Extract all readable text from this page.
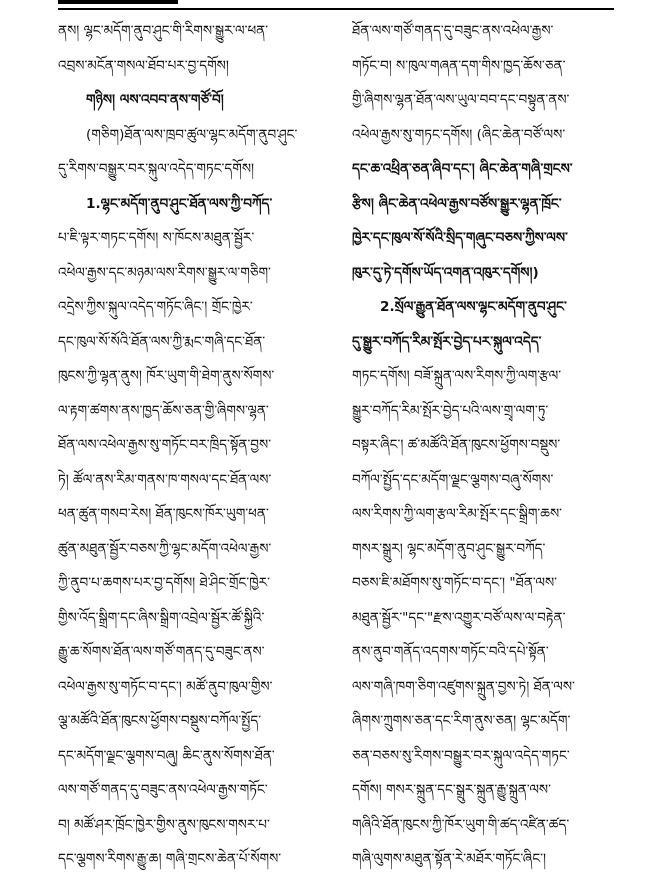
ནས། ལྷང་མདོག་ནུབ་ཤུང་གི་རིགས་སྒྱུར་ལ་ཕན་
འབྲས་མངོན་གསལ་ཐོབ་པར་བྱ་དགོས།
གཉིས། ལས་འབབ་ནས་གཙོ་བོ།
(གཅིག)ཐོན་ལས་ཁྲབ་ཚུལ་ལྷང་མདོག་ནུབ་ཤུང་
དུ་རིགས་བསྒྱུར་བར་སྐུལ་འདེད་གཏང་དགོས།
1.ལྷང་མདོག་ནུབ་ཤུང་ཐོན་ལས་ཀྱི་བཀོད་
པ་ཇི་ལྟར་གཏང་དགོས། ས་ཁོངས་མཐུན་སྦྱོར་
འཕེལ་རྒྱས་དང་མཉམ་ལས་རིགས་སྒྱུར་ལ་གཅིག་
འདྲེས་ཀྱིས་སྐུལ་འདེད་གཏོང་ཞིང་། གྲོང་ཁྱེར་
དང་ཁུལ་སོ་སོའི་ཐོན་ལས་ཀྱི་རྨང་གཞི་དང་ཐོན་
ཁུངས་ཀྱི་ལྷན་ནུས། ཁོར་ཡུག་གི་ཐེག་ནུས་སོགས་
ལ་རྟག་ཚགས་ནས་ཁྱད་ཆོས་ཅན་གྱི་ཞིགས་ལྷན་
ཐོན་ལས་འཕེལ་རྒྱས་སུ་གཏོང་བར་ཁྲིད་སྟོན་བྱས་
ཏེ། ཚོལ་ནས་རིམ་གནས་ཁ་གསལ་དང་ཐོན་ལས་
ཕན་ཚུན་གསབ་རེས། ཐོན་ཁུངས་ཁོར་ཡུག་ཕན་
ཚུན་མཐུན་སྦྱོར་བཅས་ཀྱི་ལྷང་མདོག་འཕེལ་རྒྱས་
ཀྱི་ནུབ་པ་ཆགས་པར་བྱ་དགོས། ཐེ་ཤིང་གྲོང་ཁྱེར་
གྱིས་འོད་སྒྲིག་དང་ཞིས་སྒྲིག་འབྲེལ་སྦྱོར་ཚོ་སྐྱིའི་
རྒྱུ་ཆ་སོགས་ཐོན་ལས་གཙོ་གནད་དུ་བཟུང་ནས་
འཕེལ་རྒྱས་སུ་གཏོང་བ་དང་། མཚོ་ནུབ་ཁུལ་གྱིས་
ལྕ་མཚོའི་ཐོན་ཁུངས་ཕྱོགས་བསྡུས་བཀོལ་སྤྱོད་
དང་མདོག་ལྗང་ལྕགས་བཞུ། ཆིང་ནུས་སོགས་ཐོན་
ལས་གཙོ་གནད་དུ་བཟུང་ནས་འཕེལ་རྒྱས་གཏོང་
བ། མཚོ་ཤར་ཁྲོང་ཁྱེར་གྱིས་ནུས་ཁུངས་གསར་པ་
དང་ལྕགས་རིགས་རྒྱུ་ཆ། གཞི་གྲངས་ཆེན་པོ་སོགས་
ཐོན་ལས་གཙོ་གནད་དུ་བཟུང་ནས་འཕེལ་རྒྱས་
གཏོང་བ། ས་ཁུལ་གཞན་དག་གིས་ཁྱད་ཆོས་ཅན་
གྱི་ཞིགས་ལྷན་ཐོན་ལས་ཡུལ་བབ་དང་བསྟུན་ནས་
འཕེལ་རྒྱས་སུ་གཏང་དགོས། (ཞིང་ཆེན་བཙོ་ལས་
དང་ཆ་འཕྲིན་ཅན་ཞིབ་དང་། ཞིང་ཆེན་གཞི་གྲངས་
རྩིས། ཞིང་ཆེན་འཕེལ་རྒྱས་བཙོས་སྒྱུར་ལྷན་ཁྲོང་
ཁྱེར་དང་ཁུལ་སོ་སོའི་སྲིད་གཞུང་བཅས་ཀྱིས་ལས་
ཁུར་དུ་ཏེ་དགོས་ཡོད་འགན་འཁུར་དགོས།)
2.སྲོལ་རྒྱུན་ཐོན་ལས་ལྷང་མདོག་ནུབ་ཤུང་
དུ་སྒྱུར་བཀོད་རིམ་སྤོར་བྱེད་པར་སྐུལ་འདེད་
གཏང་དགོས། བཟོ་སྐྲུན་ལས་རིགས་ཀྱི་ལག་རྩལ་
སྒྱུར་བཀོད་རིམ་སྤོར་བྱེད་པའི་ལས་གྲྭ་ལག་ཏུ་
བསྟར་ཞིང་། ཚ་མཚོའི་ཐོན་ཁུངས་ཕྱོགས་བསྡུས་
བཀོལ་སྤྱོད་དང་མདོག་ལྗང་ལྕགས་བཞུ་སོགས་
ལས་རིགས་ཀྱི་ལག་རྩལ་རིམ་སྤོར་དང་སྒྲིག་ཆས་
གསར་སྒྲུར། ལྷང་མདོག་ནུབ་ཤུང་སྒྱུར་བཀོད་
བཅས་ཇི་མཐོགས་སུ་གཏོང་བ་དང་། "ཐོན་ལས་
མཐུན་སྦྱོར་"དང་"རྫས་འགྱུར་བཙོ་ལས་ལ་བརྟེན་
ནས་ནུབ་གནོད་འདགས་གཏོང་བའི་དཔེ་སྟོན་
ལས་གཞི་ཁག་ཅིག་འཛུགས་སྐྲུན་བྱས་ཏེ། ཐོན་ལས་
ཞིགས་ཀྲུགས་ཅན་དང་རིག་ནུས་ཅན། ལྷང་མདོག་
ཅན་བཅས་སུ་རིགས་བསྒྱུར་བར་སྐུལ་འདེད་གཏང་
དགོས། གསར་སྐྲུན་དང་སྒྲུར་སྐྲུན་རྒྱུ་སྐྲུན་ལས་
གཞིའི་ཐོན་ཁུངས་ཀྱི་ཁོར་ཡུག་གི་ཚད་འཛིན་ཚད་
གཞི་ལུགས་མཐུན་སྟོན་རེ་མཐོར་གཏོང་ཞིང་།
